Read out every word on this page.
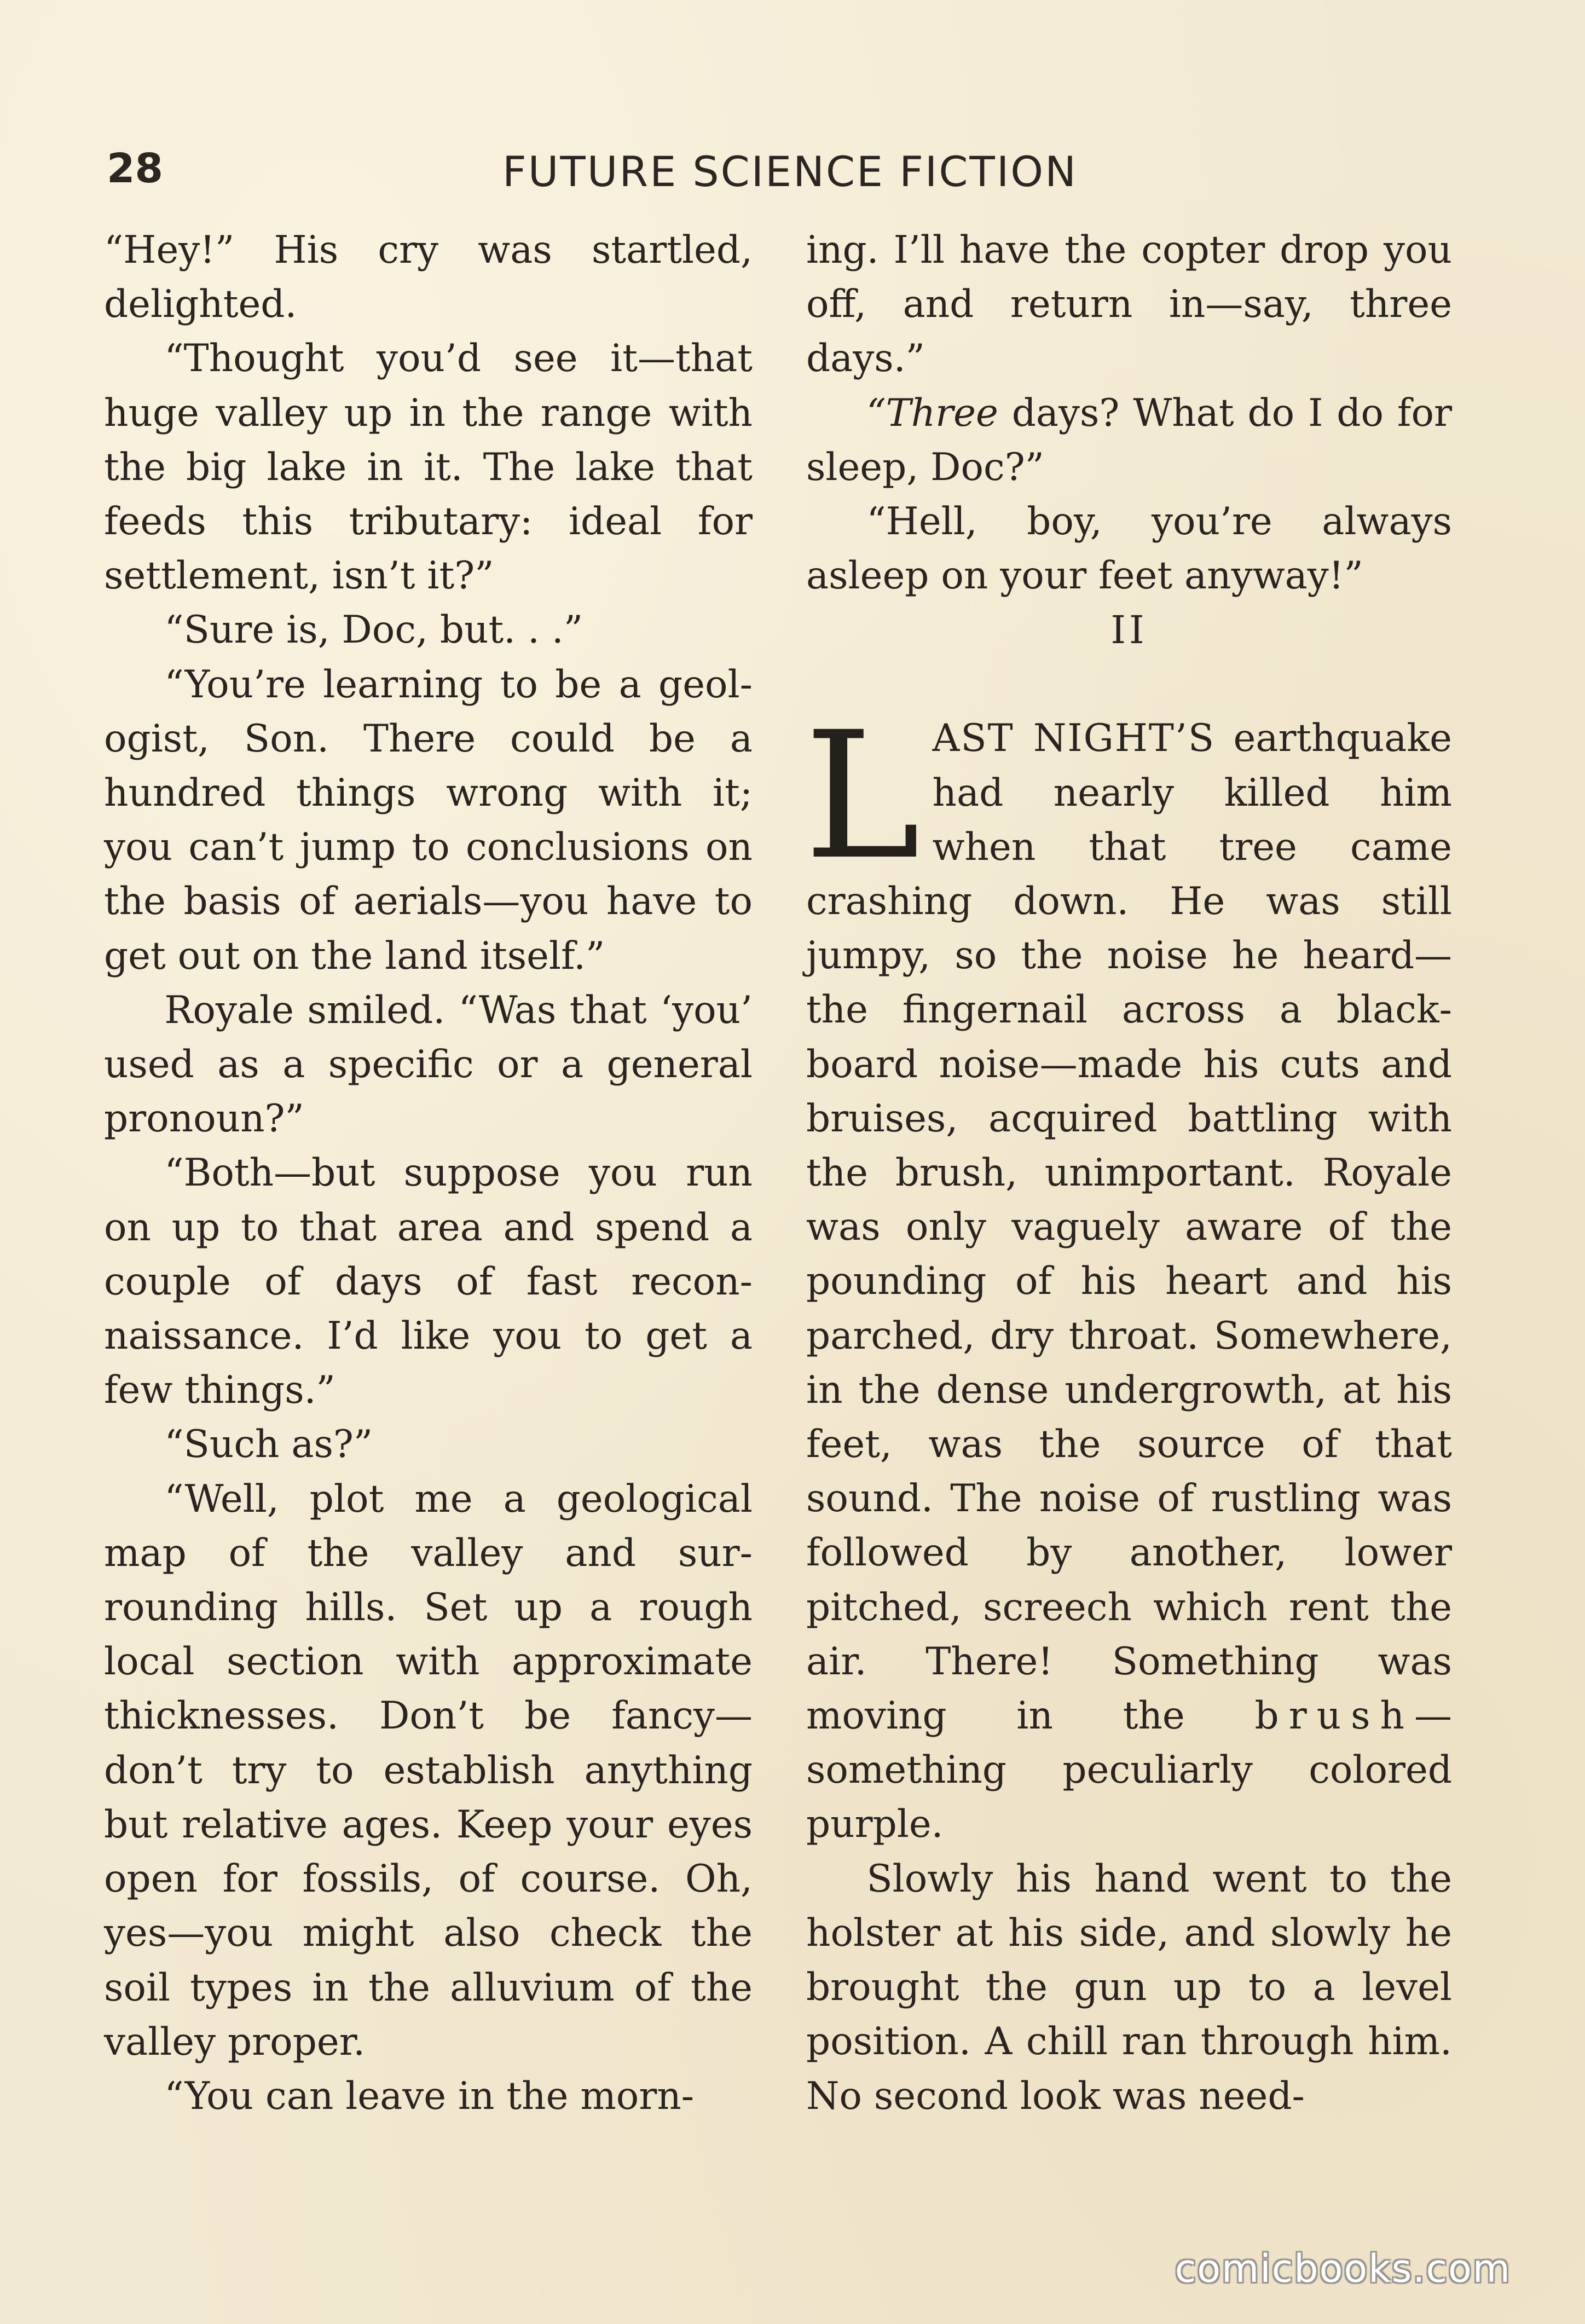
28	FUTURE SCIENCE FICTION

“Hey!” His cry was startled, delighted.

“Thought you’d see it—that huge valley up in the range with the big lake in it. The lake that feeds this tributary: ideal for settlement, isn’t it?”

“Sure is, Doc, but. . .”

“You’re learning to be a geologist, Son. There could be a hundred things wrong with it; you can’t jump to conclusions on the basis of aerials—you have to get out on the land itself.”

Royale smiled. “Was that ‘you’ used as a specific or a general pronoun?”

“Both—but suppose you run on up to that area and spend a couple of days of fast reconnaissance. I’d like you to get a few things.”

“Such as?”

“Well, plot me a geological map of the valley and surrounding hills. Set up a rough local section with approximate thicknesses. Don’t be fancy—don’t try to establish anything but relative ages. Keep your eyes open for fossils, of course. Oh, yes—you might also check the soil types in the alluvium of the valley proper.

“You can leave in the morn-

ing. I’ll have the copter drop you off, and return in—say, three days.”

“Three days? What do I do for sleep, Doc?”

“Hell, boy, you’re always asleep on your feet anyway!”

II

LAST NIGHT’S earthquake had nearly killed him when that tree came crashing down. He was still jumpy, so the noise he heard—the fingernail across a blackboard noise—made his cuts and bruises, acquired battling with the brush, unimportant. Royale was only vaguely aware of the pounding of his heart and his parched, dry throat. Somewhere, in the dense undergrowth, at his feet, was the source of that sound. The noise of rustling was followed by another, lower pitched, screech which rent the air. There! Something was moving in the brush—something peculiarly colored purple.

Slowly his hand went to the holster at his side, and slowly he brought the gun up to a level position. A chill ran through him. No second look was need-

comicbooks.com
